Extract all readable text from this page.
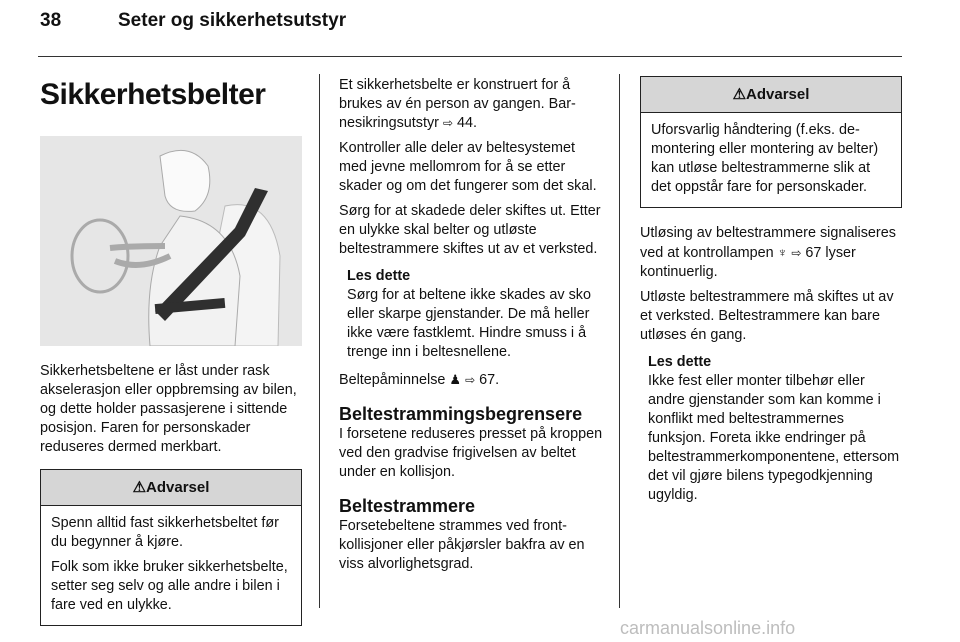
38	Seter og sikkerhetsutstyr
Sikkerhetsbelter

Sikkerhetsbeltene er låst under rask akselerasjon eller oppbremsing av bilen, og dette holder passasjerene i sittende posisjon. Faren for personskader reduseres dermed merkbart.

⚠Advarsel

Spenn alltid fast sikkerhetsbeltet før du begynner å kjøre.

Folk som ikke bruker sikkerhetsbelte, setter seg selv og alle andre i bilen i fare ved en ulykke.

Et sikkerhetsbelte er konstruert for å brukes av én person av gangen. Barnesikringsutstyr ⇨ 44.

Kontroller alle deler av beltesystemet med jevne mellomrom for å se etter skader og om det fungerer som det skal.

Sørg for at skadede deler skiftes ut. Etter en ulykke skal belter og utløste beltestrammere skiftes ut av et verksted.

Les dette
Sørg for at beltene ikke skades av sko eller skarpe gjenstander. De må heller ikke være fastklemt. Hindre smuss i å trenge inn i beltesnellene.

Beltepåminnelse ♟ ⇨ 67.

Beltestrammingsbegrensere

I forsetene reduseres presset på kroppen ved den gradvise frigivelsen av beltet under en kollisjon.

Beltestrammere

Forsetebeltene strammes ved frontkollisjoner eller påkjørsler bakfra av en viss alvorlighetsgrad.

⚠Advarsel

Uforsvarlig håndtering (f.eks. demontering eller montering av belter) kan utløse beltestrammerne slik at det oppstår fare for personskader.

Utløsing av beltestrammere signaliseres ved at kontrollampen ♆ ⇨ 67 lyser kontinuerlig.

Utløste beltestrammere må skiftes ut av et verksted. Beltestrammere kan bare utløses én gang.

Les dette
Ikke fest eller monter tilbehør eller andre gjenstander som kan komme i konflikt med beltestrammernes funksjon. Foreta ikke endringer på beltestrammerkomponentene, ettersom det vil gjøre bilens typegodkjenning ugyldig.
carmanualsonline.info
